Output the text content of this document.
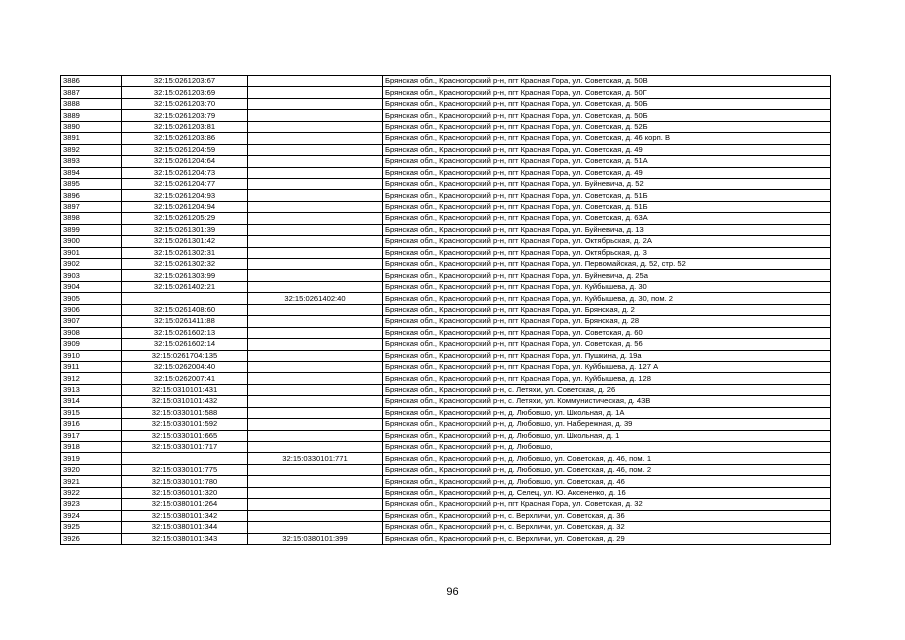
3886	32:15:0261203:67		Брянская обл., Красногорский р-н, пгт Красная Гора, ул. Советская, д. 50В
3887	32:15:0261203:69		Брянская обл., Красногорский р-н, пгт Красная Гора, ул. Советская, д. 50Г
3888	32:15:0261203:70		Брянская обл., Красногорский р-н, пгт Красная Гора, ул. Советская, д. 50Б
3889	32:15:0261203:79		Брянская обл., Красногорский р-н, пгт Красная Гора, ул. Советская, д. 50Б
3890	32:15:0261203:81		Брянская обл., Красногорский р-н, пгт Красная Гора, ул. Советская, д. 52Б
3891	32:15:0261203:86		Брянская обл., Красногорский р-н, пгт Красная Гора, ул. Советская, д. 46 корп. В
3892	32:15:0261204:59		Брянская обл., Красногорский р-н, пгт Красная Гора, ул. Советская, д. 49
3893	32:15:0261204:64		Брянская обл., Красногорский р-н, пгт Красная Гора, ул. Советская, д. 51А
3894	32:15:0261204:73		Брянская обл., Красногорский р-н, пгт Красная Гора, ул. Советская, д. 49
3895	32:15:0261204:77		Брянская обл., Красногорский р-н, пгт Красная Гора, ул. Буйневича, д. 52
3896	32:15:0261204:93		Брянская обл., Красногорский р-н, пгт Красная Гора, ул. Советская, д. 51Б
3897	32:15:0261204:94		Брянская обл., Красногорский р-н, пгт Красная Гора, ул. Советская, д. 51Б
3898	32:15:0261205:29		Брянская обл., Красногорский р-н, пгт Красная Гора, ул. Советская, д. 63А
3899	32:15:0261301:39		Брянская обл., Красногорский р-н, пгт Красная Гора, ул. Буйневича, д. 13
3900	32:15:0261301:42		Брянская обл., Красногорский р-н, пгт Красная Гора, ул. Октябрьская, д. 2А
3901	32:15:0261302:31		Брянская обл., Красногорский р-н, пгт Красная Гора, ул. Октябрьская, д. 3
3902	32:15:0261302:32		Брянская обл., Красногорский р-н, пгт Красная Гора, ул. Первомайская, д. 52, стр. 52
3903	32:15:0261303:99		Брянская обл., Красногорский р-н, пгт Красная Гора, ул. Буйневича, д. 25а
3904	32:15:0261402:21		Брянская обл., Красногорский р-н, пгт Красная Гора, ул. Куйбышева, д. 30
3905		32:15:0261402:40	Брянская обл., Красногорский р-н, пгт Красная Гора, ул. Куйбышева, д. 30, пом. 2
3906	32:15:0261408:60		Брянская обл., Красногорский р-н, пгт Красная Гора, ул. Брянская, д. 2
3907	32:15:0261411:88		Брянская обл., Красногорский р-н, пгт Красная Гора, ул. Брянская, д. 28
3908	32:15:0261602:13		Брянская обл., Красногорский р-н, пгт Красная Гора, ул. Советская, д. 60
3909	32:15:0261602:14		Брянская обл., Красногорский р-н, пгт Красная Гора, ул. Советская, д. 56
3910	32:15:0261704:135		Брянская обл., Красногорский р-н, пгт Красная Гора, ул. Пушкина, д. 19а
3911	32:15:0262004:40		Брянская обл., Красногорский р-н, пгт Красная Гора, ул. Куйбышева, д. 127 А
3912	32:15:0262007:41		Брянская обл., Красногорский р-н, пгт Красная Гора, ул. Куйбышева, д. 128
3913	32:15:0310101:431		Брянская обл., Красногорский р-н, с. Летяхи, ул. Советская, д. 26
3914	32:15:0310101:432		Брянская обл., Красногорский р-н, с. Летяхи, ул. Коммунистическая, д. 43В
3915	32:15:0330101:588		Брянская обл., Красногорский р-н, д. Любовшо, ул. Школьная, д. 1А
3916	32:15:0330101:592		Брянская обл., Красногорский р-н, д. Любовшо, ул. Набережная, д. 39
3917	32:15:0330101:665		Брянская обл., Красногорский р-н, д. Любовшо, ул. Школьная, д. 1
3918	32:15:0330101:717		Брянская обл., Красногорский р-н, д. Любовшо,
3919		32:15:0330101:771	Брянская обл., Красногорский р-н, д. Любовшо, ул. Советская, д. 46, пом. 1
3920	32:15:0330101:775		Брянская обл., Красногорский р-н, д. Любовшо, ул. Советская, д. 46, пом. 2
3921	32:15:0330101:780		Брянская обл., Красногорский р-н, д. Любовшо, ул. Советская, д. 46
3922	32:15:0360101:320		Брянская обл., Красногорский р-н, д. Селец, ул. Ю. Аксененко, д. 16
3923	32:15:0380101:264		Брянская обл., Красногорский р-н, пгт Красная Гора, ул. Советская, д. 32
3924	32:15:0380101:342		Брянская обл., Красногорский р-н, с. Верхличи, ул. Советская, д. 36
3925	32:15:0380101:344		Брянская обл., Красногорский р-н, с. Верхличи, ул. Советская, д. 32
3926	32:15:0380101:343	32:15:0380101:399	Брянская обл., Красногорский р-н, с. Верхличи, ул. Советская, д. 29
96
